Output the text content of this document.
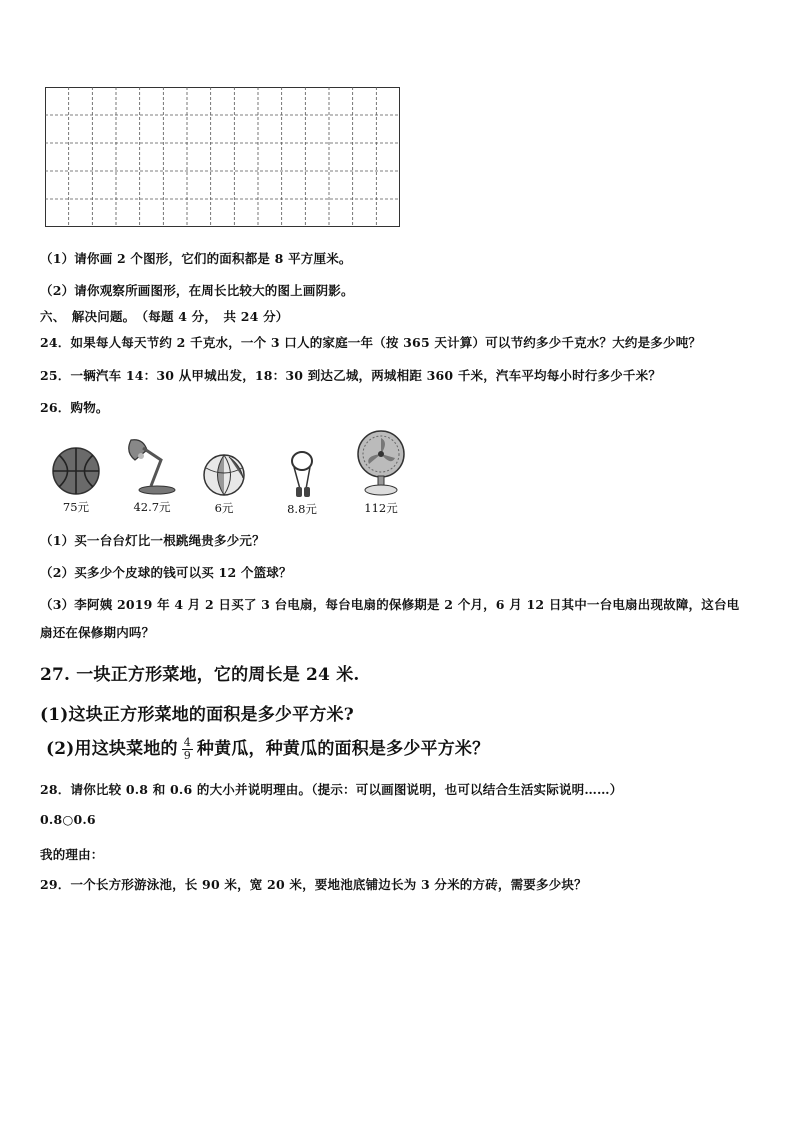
（1）请你画 2 个图形，它们的面积都是 8 平方厘米。
（2）请你观察所画图形，在周长比较大的图上画阴影。
六、　解决问题。　（每题 4 分，　共 24 分）
24．如果每人每天节约 2 千克水，一个 3 口人的家庭一年（按 365 天计算）可以节约多少千克水？大约是多少吨？
25．一辆汽车 14：30 从甲城出发，18：30 到达乙城，两城相距 360 千米，汽车平均每小时行多少千米？
26．购物。
75元	42.7元	6元	8.8元	112元
（1）买一台台灯比一根跳绳贵多少元？
（2）买多少个皮球的钱可以买 12 个篮球？
（3）李阿姨 2019 年 4 月 2 日买了 3 台电扇，每台电扇的保修期是 2 个月，6 月 12 日其中一台电扇出现故障，这台电
扇还在保修期内吗？
27. 一块正方形菜地，它的周长是 24 米.
(1)这块正方形菜地的面积是多少平方米?
(2)用这块菜地的 $\frac{4}{9}$ 种黄瓜，种黄瓜的面积是多少平方米？
28．请你比较 0.8 和 0.6 的大小并说明理由。（提示：可以画图说明，也可以结合生活实际说明……）
0.8○0.6
我的理由：
29．一个长方形游泳池，长 90 米，宽 20 米，要地池底铺边长为 3 分米的方砖，需要多少块？
